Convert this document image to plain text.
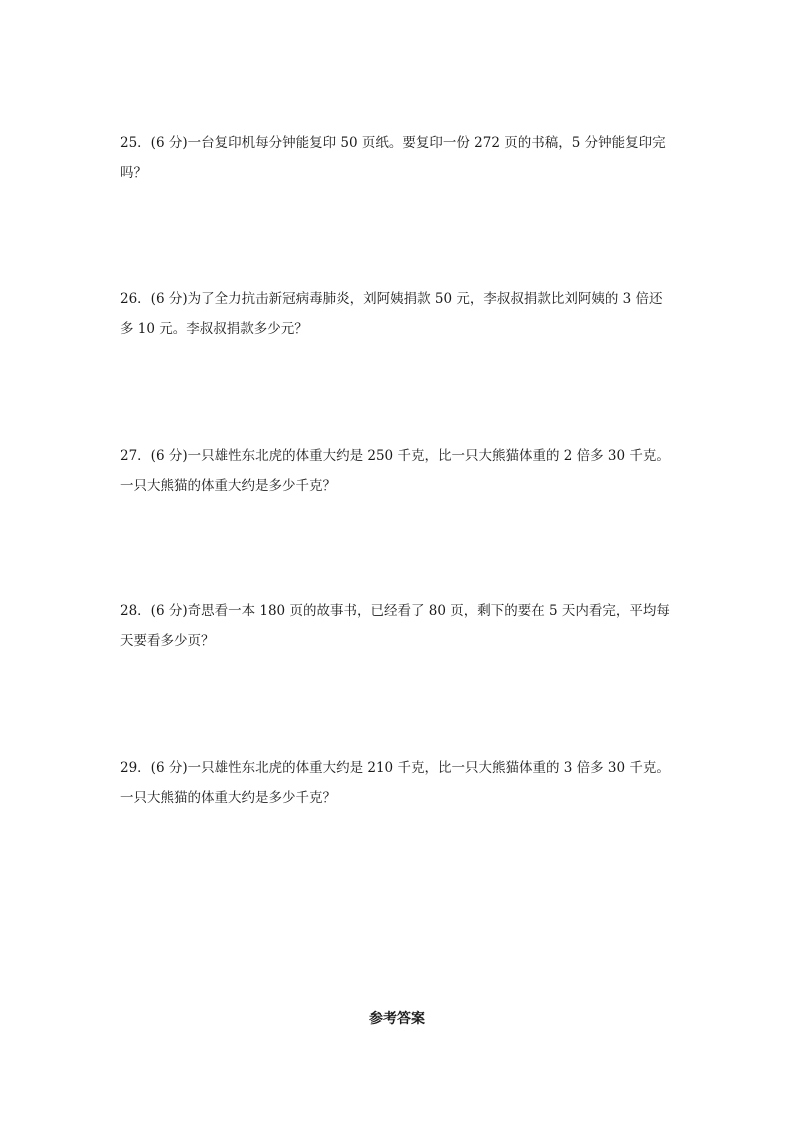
25．(6 分)一台复印机每分钟能复印 50 页纸。要复印一份 272 页的书稿，5 分钟能复印完
吗？
26．(6 分)为了全力抗击新冠病毒肺炎，刘阿姨捐款 50 元，李叔叔捐款比刘阿姨的 3 倍还
多 10 元。李叔叔捐款多少元？
27．(6 分)一只雄性东北虎的体重大约是 250 千克，比一只大熊猫体重的 2 倍多 30 千克。
一只大熊猫的体重大约是多少千克？
28．(6 分)奇思看一本 180 页的故事书，已经看了 80 页，剩下的要在 5 天内看完，平均每
天要看多少页？
29．(6 分)一只雄性东北虎的体重大约是 210 千克，比一只大熊猫体重的 3 倍多 30 千克。
一只大熊猫的体重大约是多少千克？
参考答案
